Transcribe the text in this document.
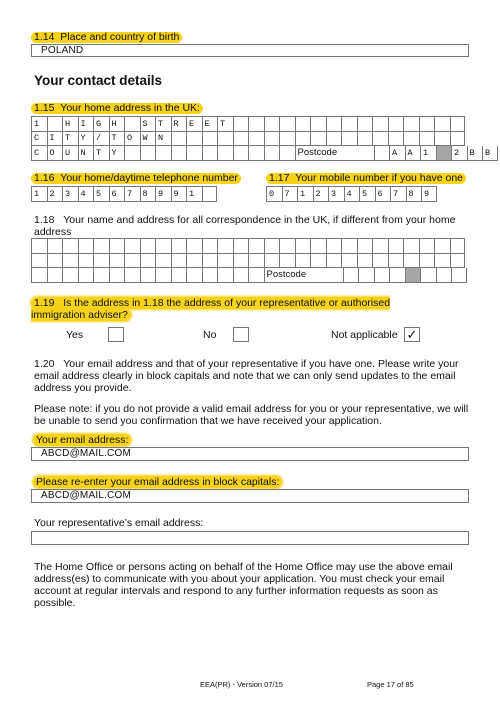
1.14 Place and country of birth
POLAND
Your contact details
1.15 Your home address in the UK:
1	H	I	G	H	S	T	R	E	E	T
C	I	T	Y	/	T	O	W	N
C	O	U	N	T	Y	Postcode	A	A	1	2	B	B
1.16 Your home/daytime telephone number
1	2	3	4	5	6	7	8	9	9	1
1.17 Your mobile number if you have one
0	7	1	2	3	4	5	6	7	8	9
1.18 Your name and address for all correspondence in the UK, if different from your home address
Postcode
1.19 Is the address in 1.18 the address of your representative or authorised immigration adviser?
Yes	No	Not applicable ✓
1.20 Your email address and that of your representative if you have one. Please write your email address clearly in block capitals and note that we can only send updates to the email address you provide.
Please note: if you do not provide a valid email address for you or your representative, we will be unable to send you confirmation that we have received your application.
Your email address:
ABCD@MAIL.COM
Please re-enter your email address in block capitals:
ABCD@MAIL.COM
Your representative’s email address:
The Home Office or persons acting on behalf of the Home Office may use the above email address(es) to communicate with you about your application. You must check your email account at regular intervals and respond to any further information requests as soon as possible.
EEA(PR) - Version 07/15	Page 17 of 85
